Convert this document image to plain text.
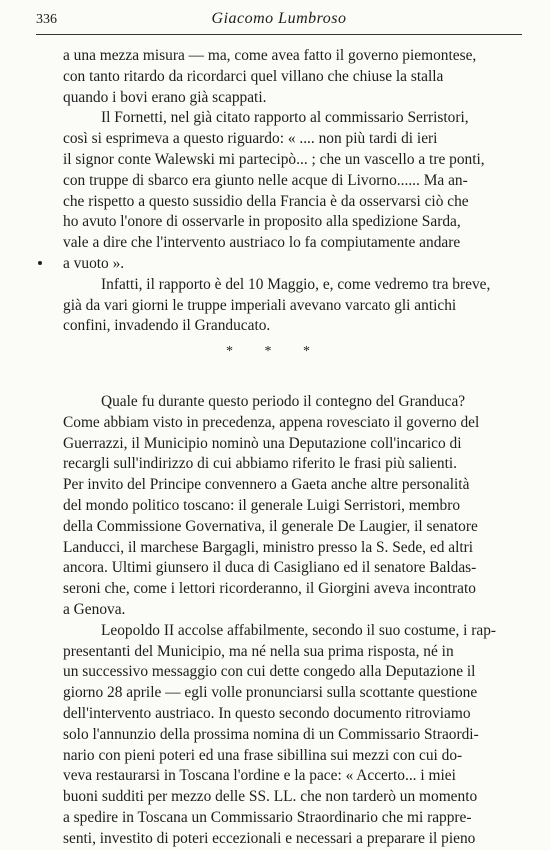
336	Giacomo Lumbroso
a una mezza misura — ma, come avea fatto il governo piemontese,
con tanto ritardo da ricordarci quel villano che chiuse la stalla
quando i bovi erano già scappati.
Il Fornetti, nel già citato rapporto al commissario Serristori,
così si esprimeva a questo riguardo: « .... non più tardi di ieri
il signor conte Walewski mi parteciрò... ; che un vascello a tre ponti,
con truppe di sbarco era giunto nelle acque di Livorno...... Ma an-
che rispetto a questo sussidio della Francia è da osservarsi ciò che
ho avuto l'onore di osservarle in proposito alla spedizione Sarda,
vale a dire che l'intervento austriaco lo fa compiutamente andare
a vuoto ».
Infatti, il rapporto è del 10 Maggio, e, come vedremo tra breve,
già da vari giorni le truppe imperiali avevano varcato gli antichi
confini, invadendo il Granducato.
* * *
Quale fu durante questo periodo il contegno del Granduca?
Come abbiam visto in precedenza, appena rovesciato il governo del
Guerrazzi, il Municipio nominò una Deputazione coll'incarico di
recargli sull'indirizzo di cui abbiamo riferito le frasi più salienti.
Per invito del Principe convennero a Gaeta anche altre personalità
del mondo politico toscano: il generale Luigi Serristori, membro
della Commissione Governativa, il generale De Laugier, il senatore
Landucci, il marchese Bargagli, ministro presso la S. Sede, ed altri
ancora. Ultimi giunsero il duca di Casigliano ed il senatore Baldas-
seroni che, come i lettori ricorderanno, il Giorgini aveva incontrato
a Genova.
Leopoldo II accolse affabilmente, secondo il suo costume, i rap-
presentanti del Municipio, ma né nella sua prima risposta, né in
un successivo messaggio con cui dette congedo alla Deputazione il
giorno 28 aprile — egli volle pronunciarsi sulla scottante questione
dell'intervento austriaco. In questo secondo documento ritroviamo
solo l'annunzio della prossima nomina di un Commissario Straordi-
nario con pieni poteri ed una frase sibillina sui mezzi con cui do-
veva restaurarsi in Toscana l'ordine e la pace: « Accerto... i miei
buoni sudditi per mezzo delle SS. LL. che non tarderò un momento
a spedire in Toscana un Commissario Straordinario che mi rappre-
senti, investito di poteri eccezionali e necessari a preparare il pieno
